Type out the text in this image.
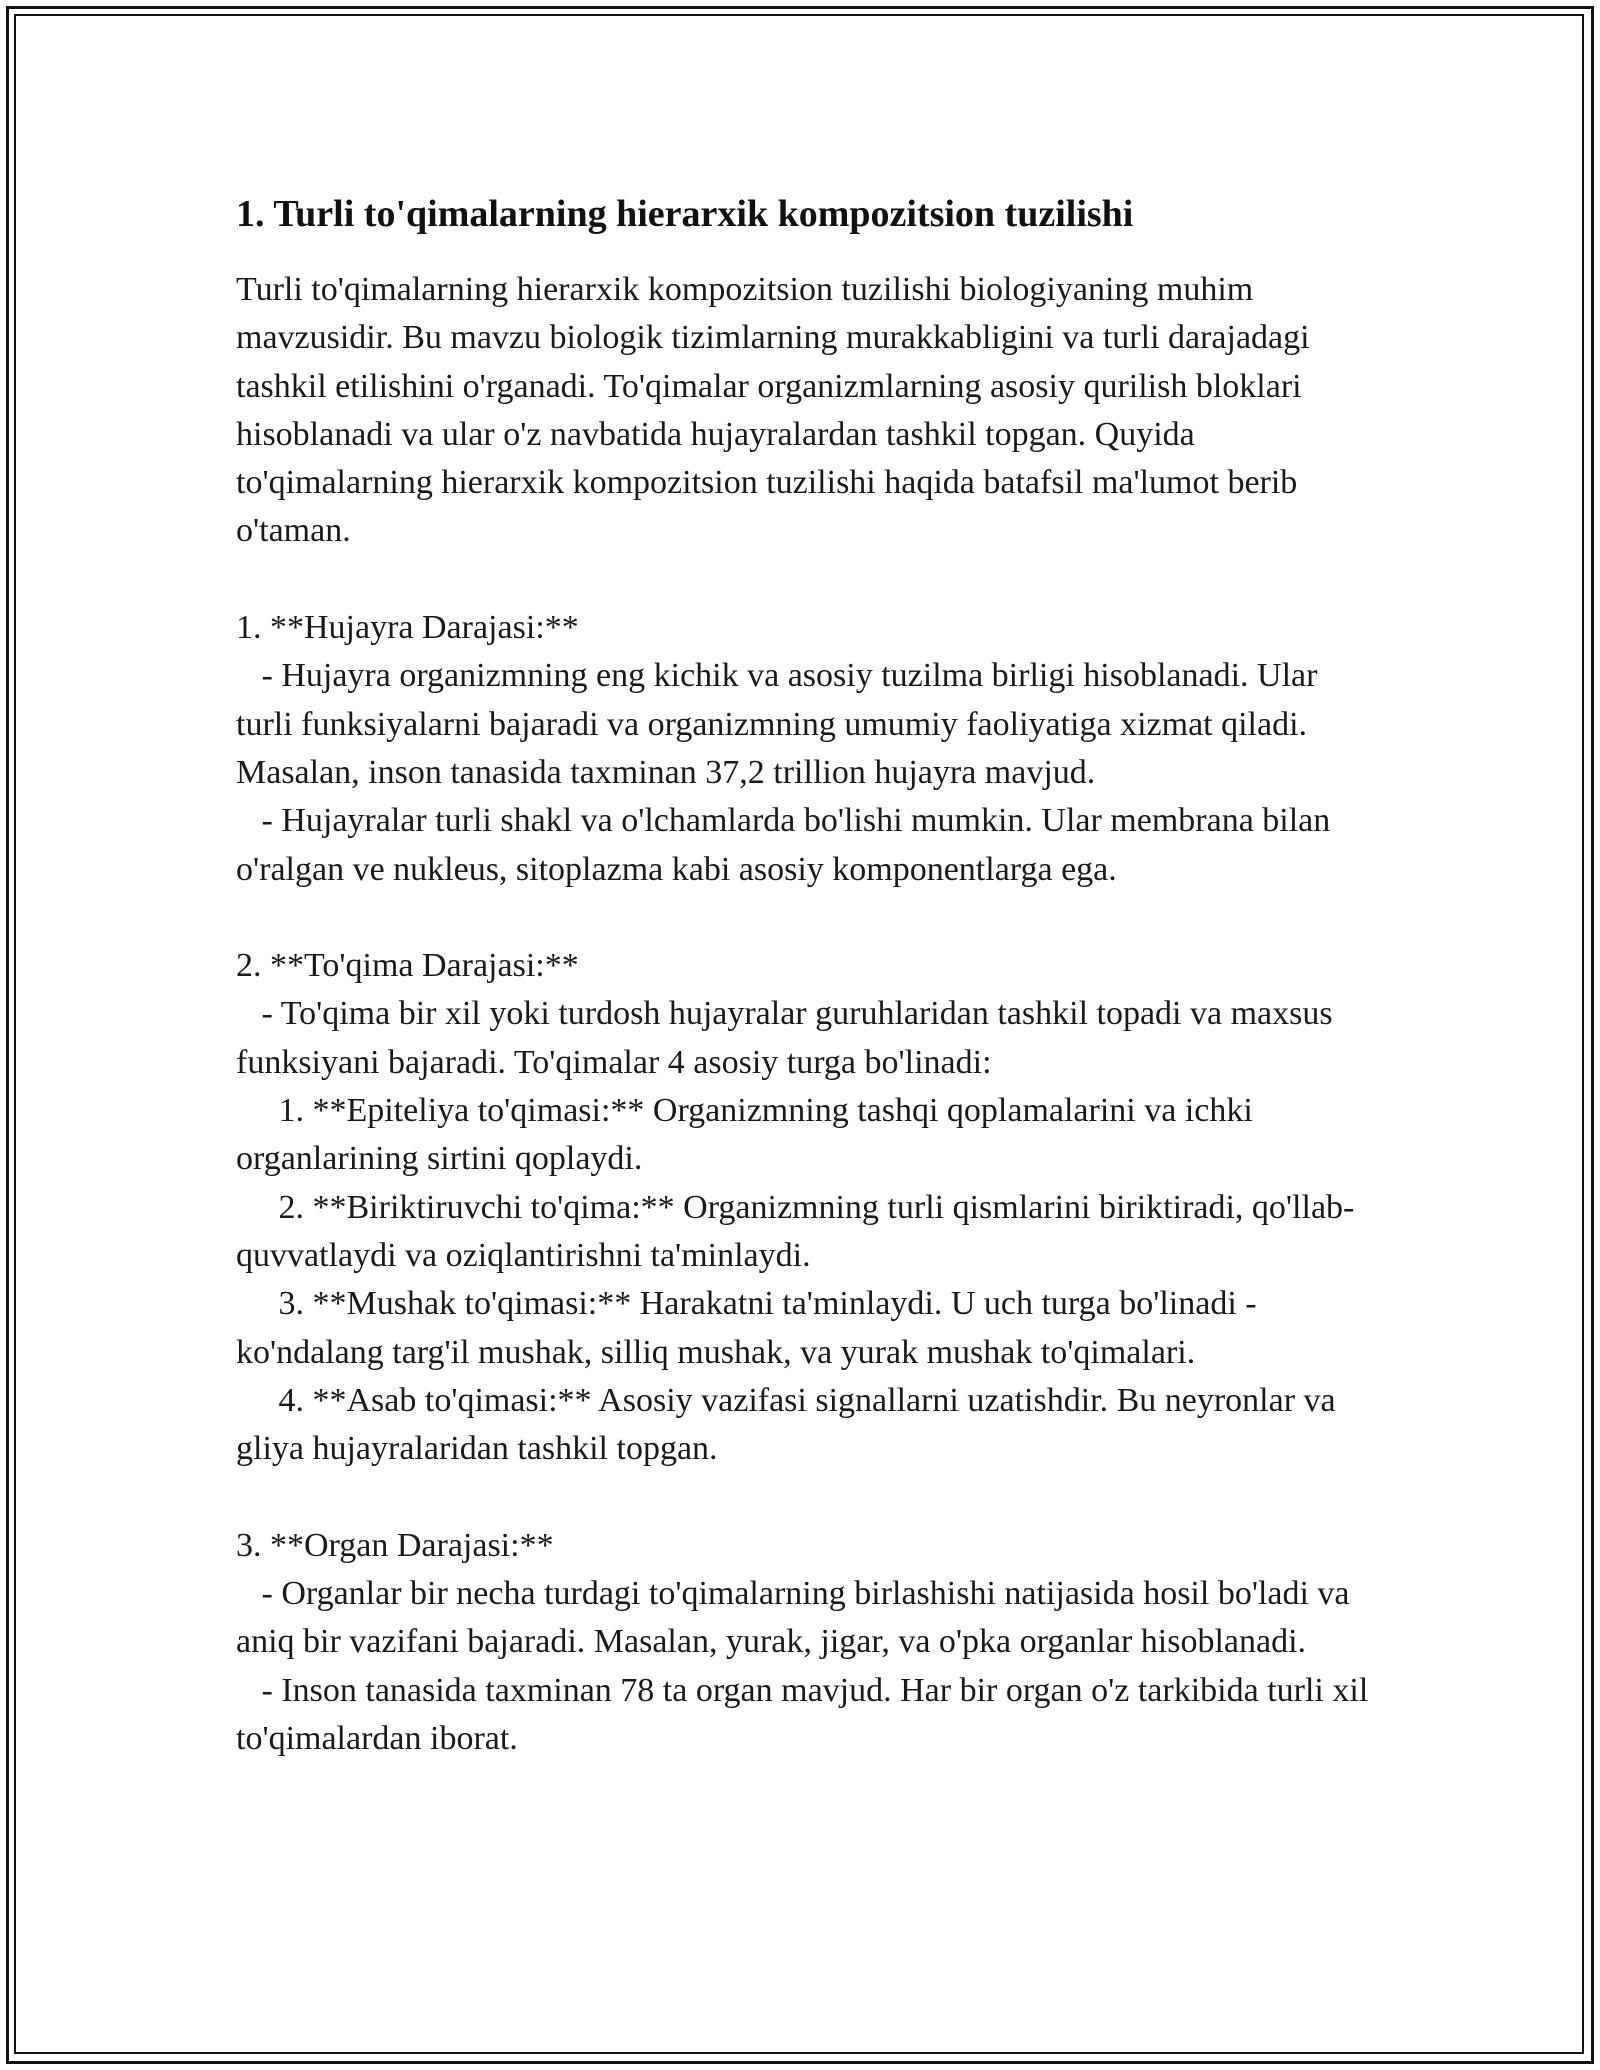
1. Turli to'qimalarning hierarxik kompozitsion tuzilishi

Turli to'qimalarning hierarxik kompozitsion tuzilishi biologiyaning muhim mavzusidir. Bu mavzu biologik tizimlarning murakkabligini va turli darajadagi tashkil etilishini o'rganadi. To'qimalar organizmlarning asosiy qurilish bloklari hisoblanadi va ular o'z navbatida hujayralardan tashkil topgan. Quyida to'qimalarning hierarxik kompozitsion tuzilishi haqida batafsil ma'lumot berib o'taman.

1. **Hujayra Darajasi:**

- Hujayra organizmning eng kichik va asosiy tuzilma birligi hisoblanadi. Ular turli funksiyalarni bajaradi va organizmning umumiy faoliyatiga xizmat qiladi. Masalan, inson tanasida taxminan 37,2 trillion hujayra mavjud.

- Hujayralar turli shakl va o'lchamlarda bo'lishi mumkin. Ular membrana bilan o'ralgan ve nukleus, sitoplazma kabi asosiy komponentlarga ega.

2. **To'qima Darajasi:**

- To'qima bir xil yoki turdosh hujayralar guruhlaridan tashkil topadi va maxsus funksiyani bajaradi. To'qimalar 4 asosiy turga bo'linadi:

1. **Epiteliya to'qimasi:** Organizmning tashqi qoplamalarini va ichki organlarining sirtini qoplaydi.

2. **Biriktiruvchi to'qima:** Organizmning turli qismlarini biriktiradi, qo'llab-quvvatlaydi va oziqlantirishni ta'minlaydi.

3. **Mushak to'qimasi:** Harakatni ta'minlaydi. U uch turga bo'linadi - ko'ndalang targ'il mushak, silliq mushak, va yurak mushak to'qimalari.

4. **Asab to'qimasi:** Asosiy vazifasi signallarni uzatishdir. Bu neyronlar va gliya hujayralaridan tashkil topgan.

3. **Organ Darajasi:**

- Organlar bir necha turdagi to'qimalarning birlashishi natijasida hosil bo'ladi va aniq bir vazifani bajaradi. Masalan, yurak, jigar, va o'pka organlar hisoblanadi.

- Inson tanasida taxminan 78 ta organ mavjud. Har bir organ o'z tarkibida turli xil to'qimalardan iborat.
